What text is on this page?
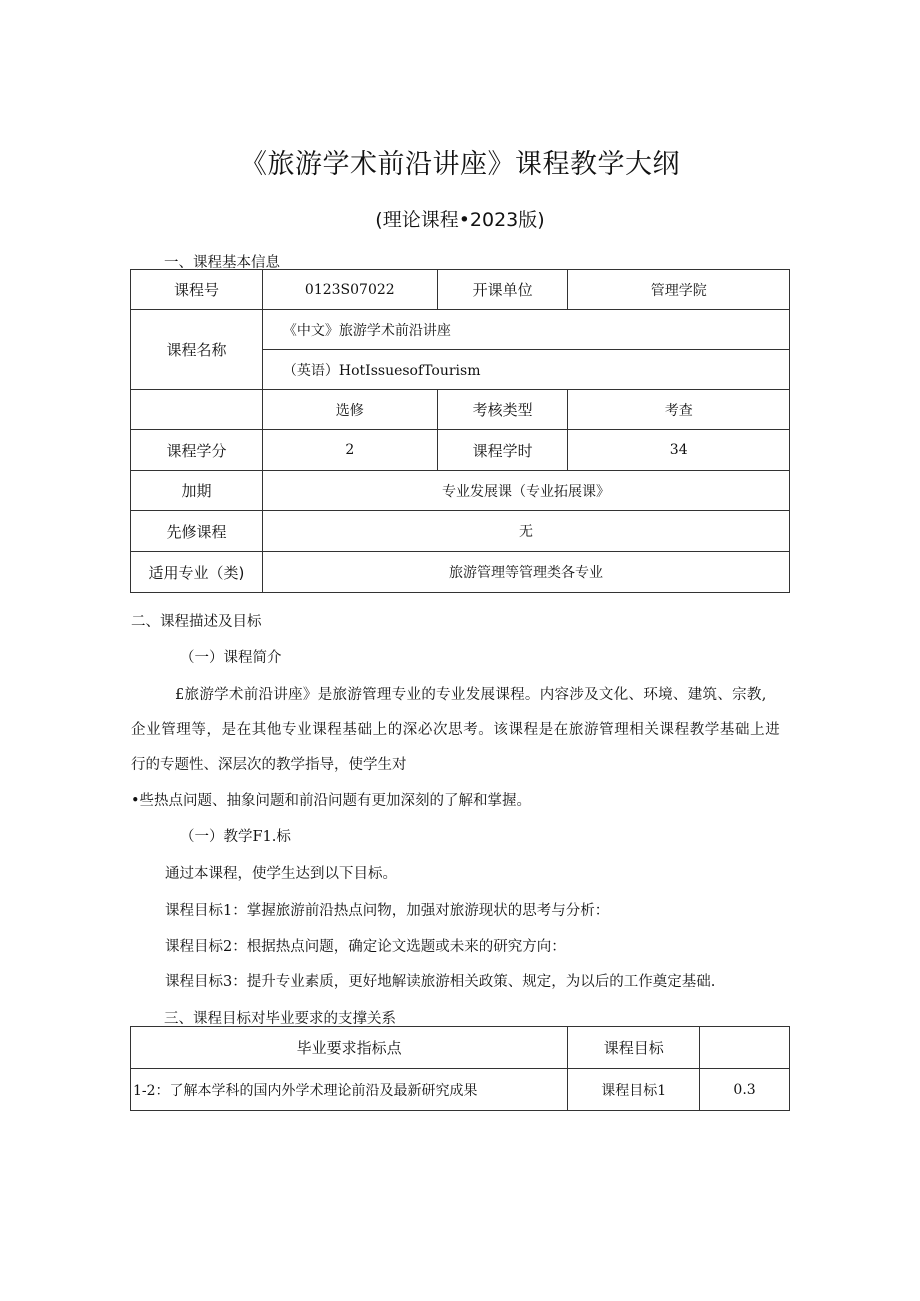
《旅游学术前沿讲座》课程教学大纲
(理论课程•2023版)
一、课程基本信息
课程号	0123S07022	开课单位	管理学院
课程名称	《中文》旅游学术前沿讲座		
	（英语）HotIssuesofTourism		
	选修	考核类型	考查
课程学分	2	课程学时	34
加期	专业发展课（专业拓展课》		
先修课程	无		
适用专业（类)	旅游管理等管理类各专业		
二、课程描述及目标
（一）课程简介
£旅游学术前沿讲座》是旅游管理专业的专业发展课程。内容涉及文化、环境、建筑、宗教,
企业管理等，是在其他专业课程基础上的深必次思考。该课程是在旅游管理相关课程教学基础上进
行的专题性、深层次的教学指导，使学生对
•些热点问题、抽象问题和前沿问题有更加深刻的了解和掌握。
（一）教学F1.标
通过本课程，使学生达到以下目标。
课程目标1：掌握旅游前沿热点问物，加强对旅游现状的思考与分析：
课程目标2：根据热点问题，确定论文选题或未来的研究方向：
课程目标3：提升专业素质，更好地解读旅游相关政策、规定，为以后的工作奠定基础.
三、课程目标对毕业要求的支撑关系
毕业要求指标点	课程目标	
1-2：了解本学科的国内外学术理论前沿及最新研究成果	课程目标1	0.3
